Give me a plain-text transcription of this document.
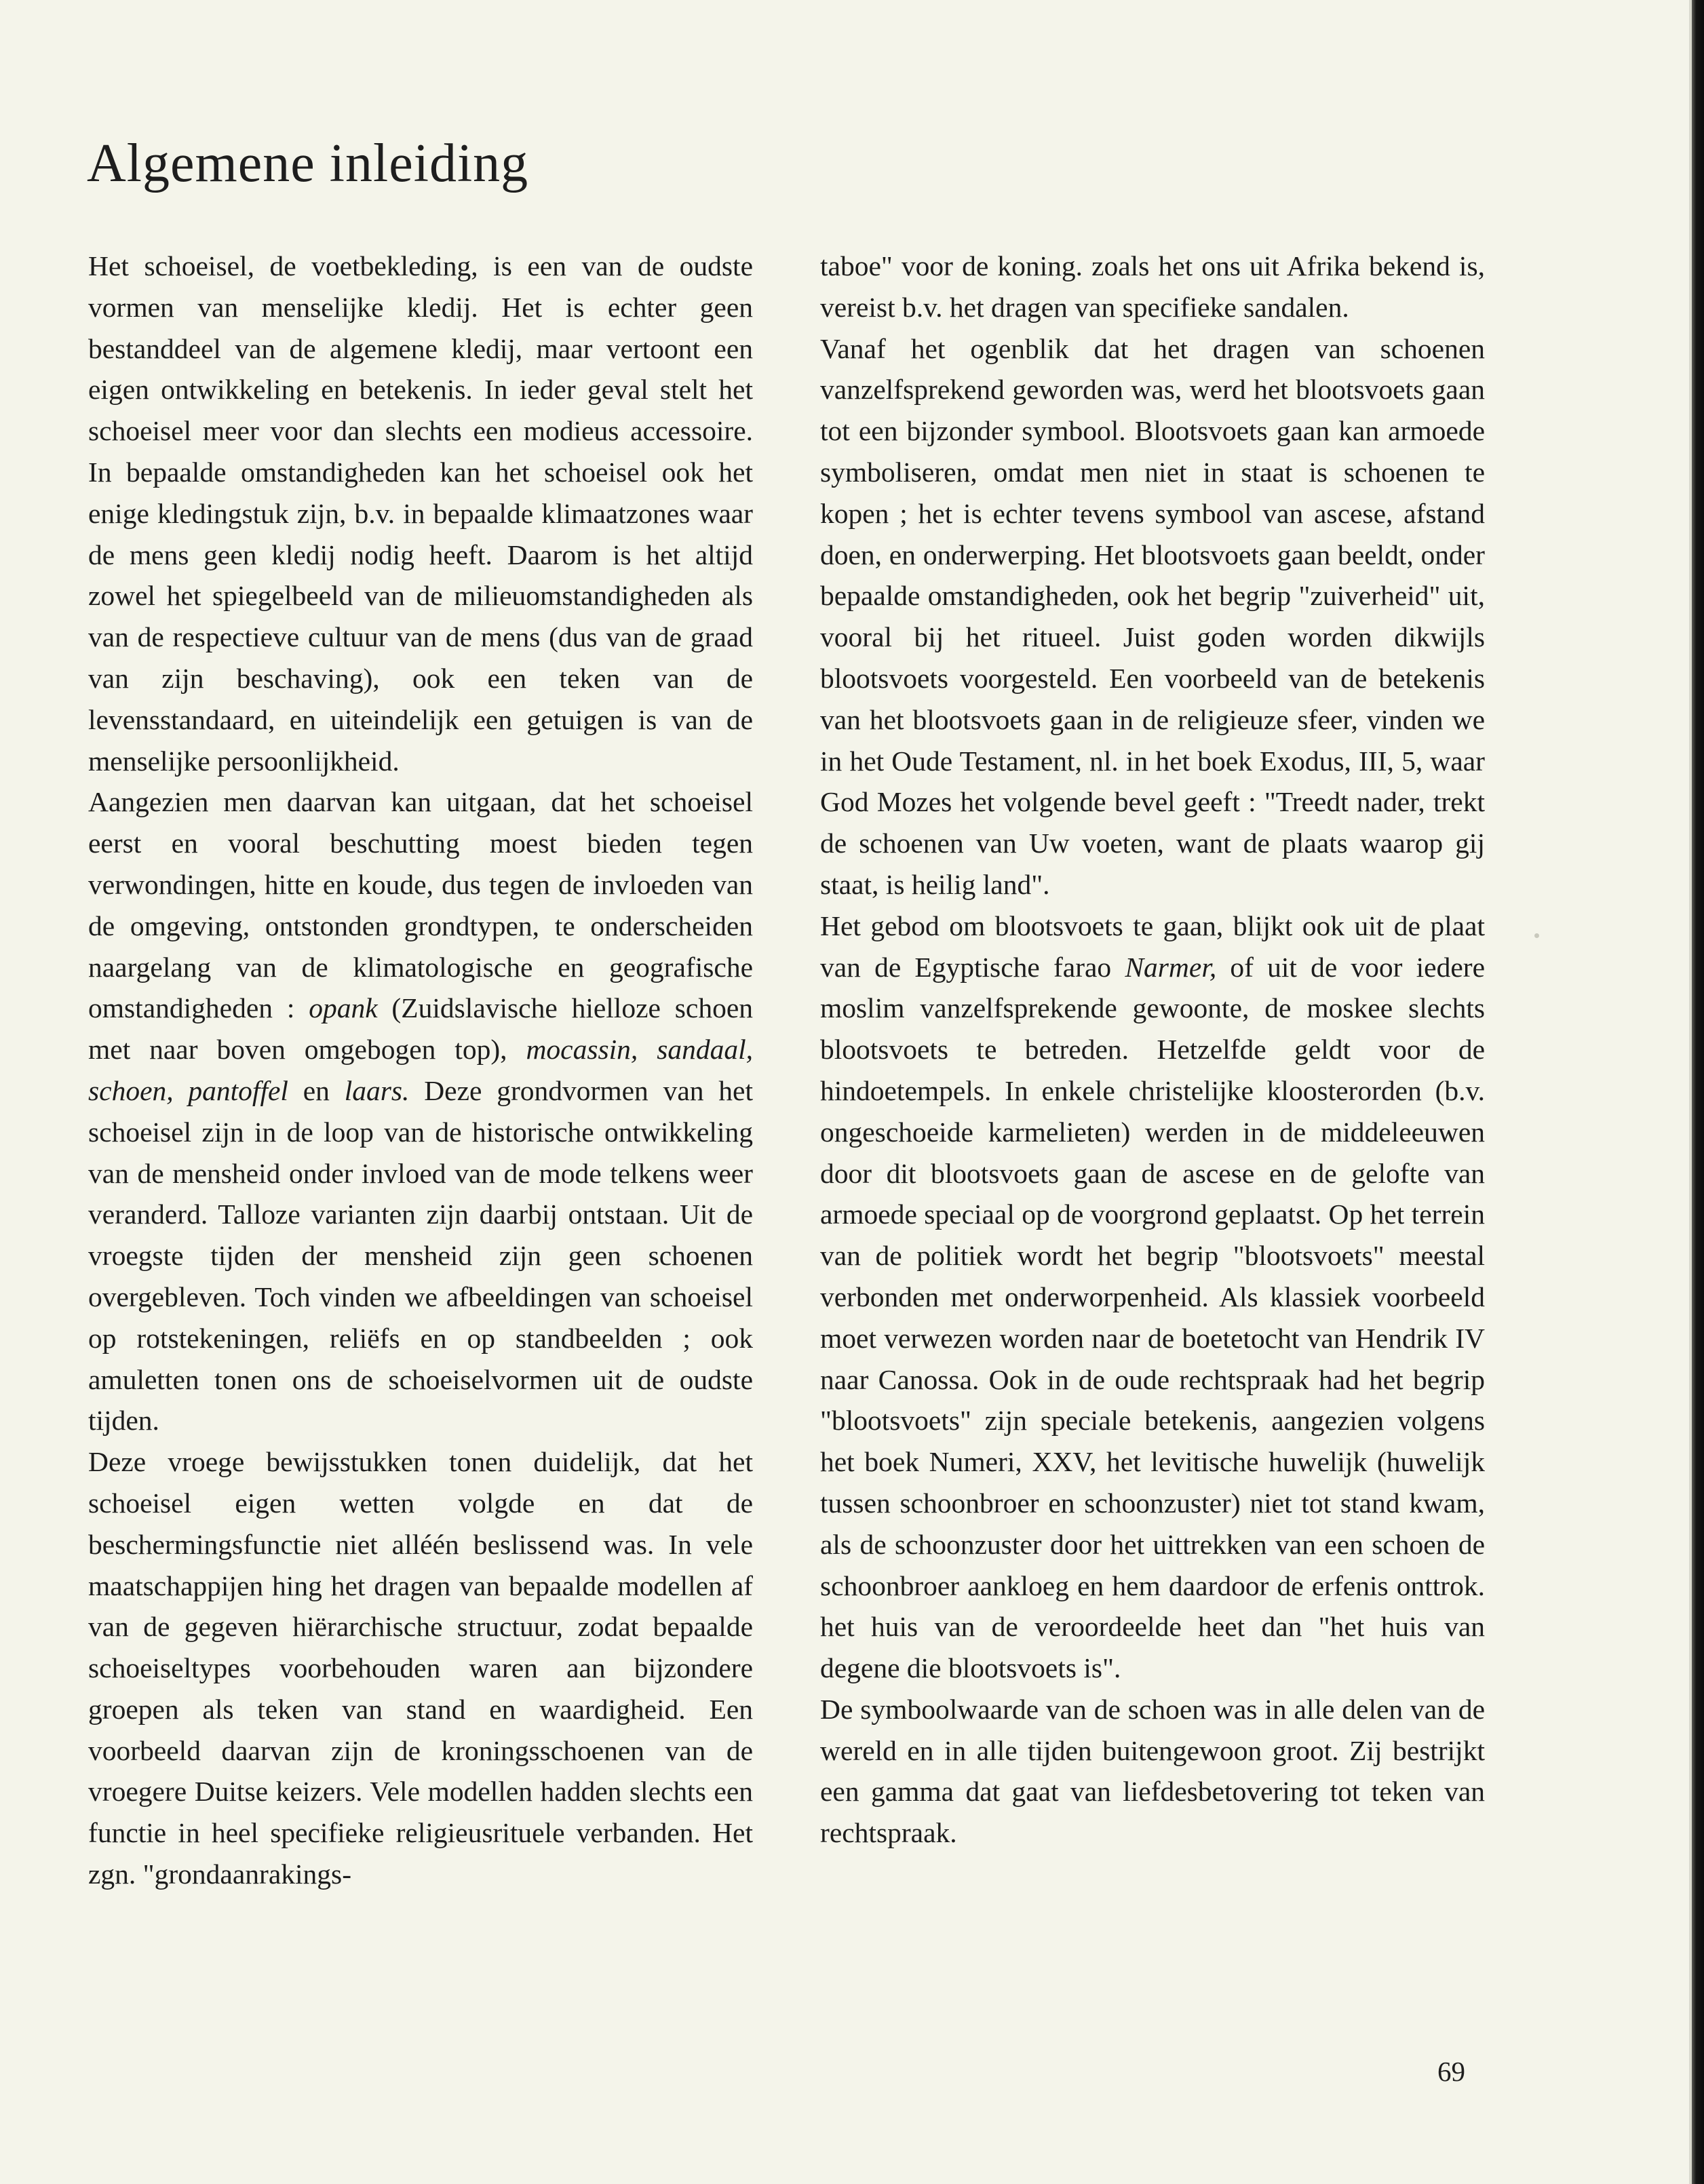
Algemene inleiding

Het schoeisel, de voetbekleding, is een van de oudste vormen van menselijke kledij. Het is echter geen bestanddeel van de algemene kledij, maar vertoont een eigen ontwikkeling en betekenis. In ieder geval stelt het schoeisel meer voor dan slechts een modieus accessoire. In bepaalde omstandigheden kan het schoeisel ook het enige kledingstuk zijn, b.v. in bepaalde klimaatzones waar de mens geen kledij nodig heeft. Daarom is het altijd zowel het spiegelbeeld van de milieuomstandigheden als van de respectieve cultuur van de mens (dus van de graad van zijn beschaving), ook een teken van de levensstandaard, en uiteindelijk een getuigen is van de menselijke persoonlijkheid.

Aangezien men daarvan kan uitgaan, dat het schoeisel eerst en vooral beschutting moest bieden tegen verwondingen, hitte en koude, dus tegen de invloeden van de omgeving, ontstonden grondtypen, te onderscheiden naargelang van de klimatologische en geografische omstandigheden : opank (Zuidslavische hielloze schoen met naar boven omgebogen top), mocassin, sandaal, schoen, pantoffel en laars. Deze grondvormen van het schoeisel zijn in de loop van de historische ontwikkeling van de mensheid onder invloed van de mode telkens weer veranderd. Talloze varianten zijn daarbij ontstaan. Uit de vroegste tijden der mensheid zijn geen schoenen overgebleven. Toch vinden we afbeeldingen van schoeisel op rotstekeningen, reliëfs en op standbeelden ; ook amuletten tonen ons de schoeiselvormen uit de oudste tijden.

Deze vroege bewijsstukken tonen duidelijk, dat het schoeisel eigen wetten volgde en dat de beschermingsfunctie niet alléén beslissend was. In vele maatschappijen hing het dragen van bepaalde modellen af van de gegeven hiërarchische structuur, zodat bepaalde schoeiseltypes voorbehouden waren aan bijzondere groepen als teken van stand en waardigheid. Een voorbeeld daarvan zijn de kroningsschoenen van de vroegere Duitse keizers. Vele modellen hadden slechts een functie in heel specifieke religieusrituele verbanden. Het zgn. "grondaanrakings-

taboe" voor de koning. zoals het ons uit Afrika bekend is, vereist b.v. het dragen van specifieke sandalen.

Vanaf het ogenblik dat het dragen van schoenen vanzelfsprekend geworden was, werd het blootsvoets gaan tot een bijzonder symbool. Blootsvoets gaan kan armoede symboliseren, omdat men niet in staat is schoenen te kopen ; het is echter tevens symbool van ascese, afstand doen, en onderwerping. Het blootsvoets gaan beeldt, onder bepaalde omstandigheden, ook het begrip "zuiverheid" uit, vooral bij het ritueel. Juist goden worden dikwijls blootsvoets voorgesteld. Een voorbeeld van de betekenis van het blootsvoets gaan in de religieuze sfeer, vinden we in het Oude Testament, nl. in het boek Exodus, III, 5, waar God Mozes het volgende bevel geeft : "Treedt nader, trekt de schoenen van Uw voeten, want de plaats waarop gij staat, is heilig land".

Het gebod om blootsvoets te gaan, blijkt ook uit de plaat van de Egyptische farao Narmer, of uit de voor iedere moslim vanzelfsprekende gewoonte, de moskee slechts blootsvoets te betreden. Hetzelfde geldt voor de hindoetempels. In enkele christelijke kloosterorden (b.v. ongeschoeide karmelieten) werden in de middeleeuwen door dit blootsvoets gaan de ascese en de gelofte van armoede speciaal op de voorgrond geplaatst. Op het terrein van de politiek wordt het begrip "blootsvoets" meestal verbonden met onderworpenheid. Als klassiek voorbeeld moet verwezen worden naar de boetetocht van Hendrik IV naar Canossa. Ook in de oude rechtspraak had het begrip "blootsvoets" zijn speciale betekenis, aangezien volgens het boek Numeri, XXV, het levitische huwelijk (huwelijk tussen schoonbroer en schoonzuster) niet tot stand kwam, als de schoonzuster door het uittrekken van een schoen de schoonbroer aankloeg en hem daardoor de erfenis onttrok. het huis van de veroordeelde heet dan "het huis van degene die blootsvoets is".

De symboolwaarde van de schoen was in alle delen van de wereld en in alle tijden buitengewoon groot. Zij bestrijkt een gamma dat gaat van liefdesbetovering tot teken van rechtspraak.

69
